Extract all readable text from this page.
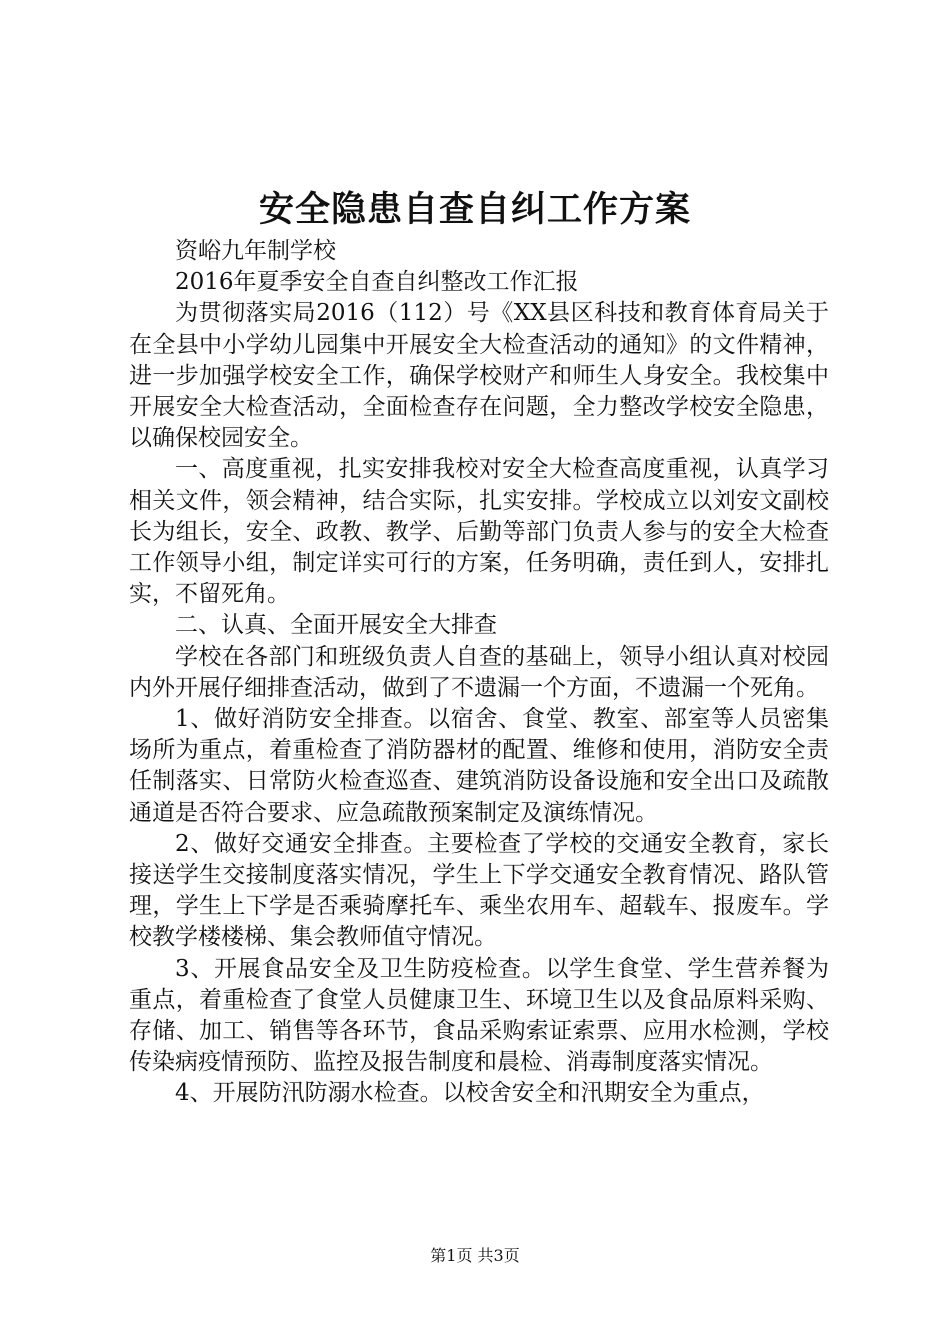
安全隐患自查自纠工作方案

资峪九年制学校

2016年夏季安全自查自纠整改工作汇报

为贯彻落实局2016（112）号《XX县区科技和教育体育局关于在全县中小学幼儿园集中开展安全大检查活动的通知》的文件精神，进一步加强学校安全工作，确保学校财产和师生人身安全。我校集中开展安全大检查活动，全面检查存在问题，全力整改学校安全隐患，以确保校园安全。

一、高度重视，扎实安排我校对安全大检查高度重视，认真学习相关文件，领会精神，结合实际，扎实安排。学校成立以刘安文副校长为组长，安全、政教、教学、后勤等部门负责人参与的安全大检查工作领导小组，制定详实可行的方案，任务明确，责任到人，安排扎实，不留死角。

二、认真、全面开展安全大排查

学校在各部门和班级负责人自查的基础上，领导小组认真对校园内外开展仔细排查活动，做到了不遗漏一个方面，不遗漏一个死角。

1、做好消防安全排查。以宿舍、食堂、教室、部室等人员密集场所为重点，着重检查了消防器材的配置、维修和使用，消防安全责任制落实、日常防火检查巡查、建筑消防设备设施和安全出口及疏散通道是否符合要求、应急疏散预案制定及演练情况。

2、做好交通安全排查。主要检查了学校的交通安全教育，家长接送学生交接制度落实情况，学生上下学交通安全教育情况、路队管理，学生上下学是否乘骑摩托车、乘坐农用车、超载车、报废车。学校教学楼楼梯、集会教师值守情况。

3、开展食品安全及卫生防疫检查。以学生食堂、学生营养餐为重点，着重检查了食堂人员健康卫生、环境卫生以及食品原料采购、存储、加工、销售等各环节，食品采购索证索票、应用水检测，学校传染病疫情预防、监控及报告制度和晨检、消毒制度落实情况。

4、开展防汛防溺水检查。以校舍安全和汛期安全为重点，

第1页 共3页
